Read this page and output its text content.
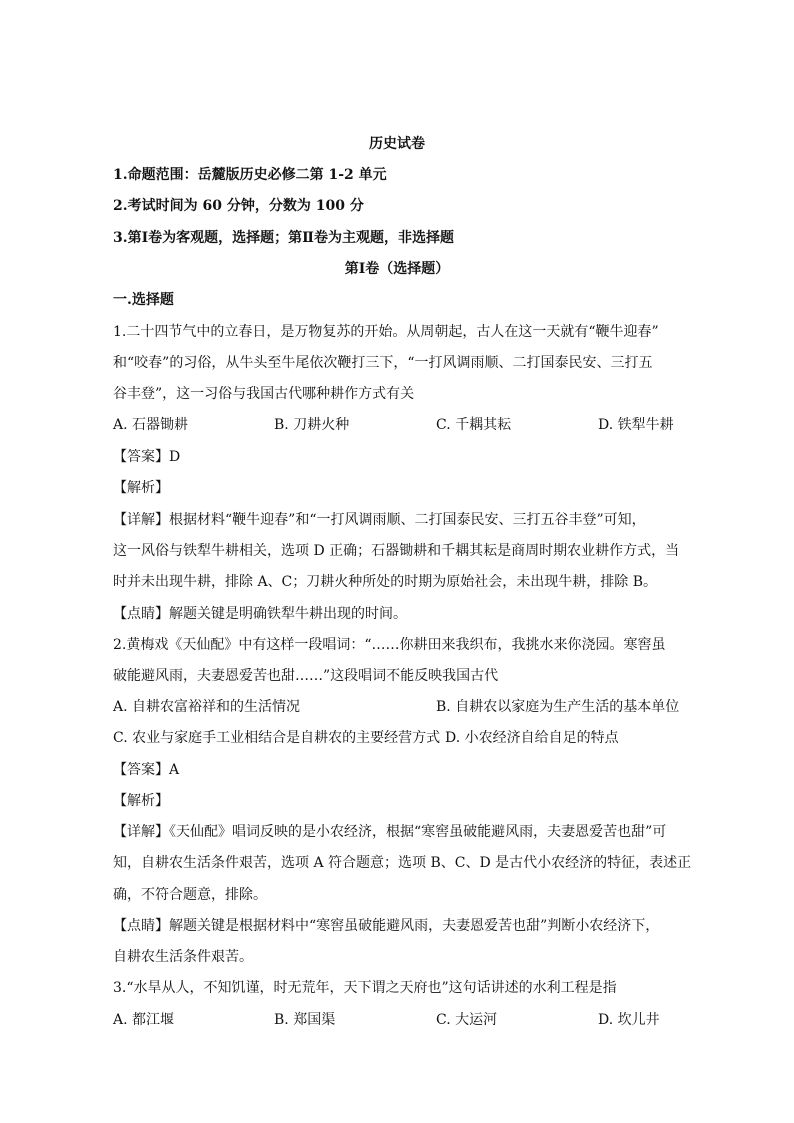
历史试卷
1.命题范围：岳麓版历史必修二第 1-2 单元
2.考试时间为 60 分钟，分数为 100 分
3.第Ⅰ卷为客观题，选择题；第Ⅱ卷为主观题，非选择题
第Ⅰ卷（选择题）
一.选择题
1.二十四节气中的立春日，是万物复苏的开始。从周朝起，古人在这一天就有“鞭牛迎春”
和“咬春”的习俗，从牛头至牛尾依次鞭打三下，“一打风调雨顺、二打国泰民安、三打五
谷丰登”，这一习俗与我国古代哪种耕作方式有关
A. 石器锄耕	B. 刀耕火种	C. 千耦其耘	D. 铁犁牛耕
【答案】D
【解析】
【详解】根据材料“鞭牛迎春”和“一打风调雨顺、二打国泰民安、三打五谷丰登”可知，
这一风俗与铁犁牛耕相关，选项 D 正确；石器锄耕和千耦其耘是商周时期农业耕作方式，当
时并未出现牛耕，排除 A、C；刀耕火种所处的时期为原始社会，未出现牛耕，排除 B。
【点睛】解题关键是明确铁犁牛耕出现的时间。
2.黄梅戏《天仙配》中有这样一段唱词：“……你耕田来我织布，我挑水来你浇园。寒窖虽
破能避风雨，夫妻恩爱苦也甜……”这段唱词不能反映我国古代
A. 自耕农富裕祥和的生活情况	B. 自耕农以家庭为生产生活的基本单位
C. 农业与家庭手工业相结合是自耕农的主要经营方式 D. 小农经济自给自足的特点
【答案】A
【解析】
【详解】《天仙配》唱词反映的是小农经济，根据“寒窖虽破能避风雨，夫妻恩爱苦也甜”可
知，自耕农生活条件艰苦，选项 A 符合题意；选项 B、C、D 是古代小农经济的特征，表述正
确，不符合题意，排除。
【点睛】解题关键是根据材料中“寒窖虽破能避风雨，夫妻恩爱苦也甜”判断小农经济下，
自耕农生活条件艰苦。
3.“水旱从人，不知饥谨，时无荒年，天下谓之天府也”这句话讲述的水利工程是指
A. 都江堰	B. 郑国渠	C. 大运河	D. 坎儿井
